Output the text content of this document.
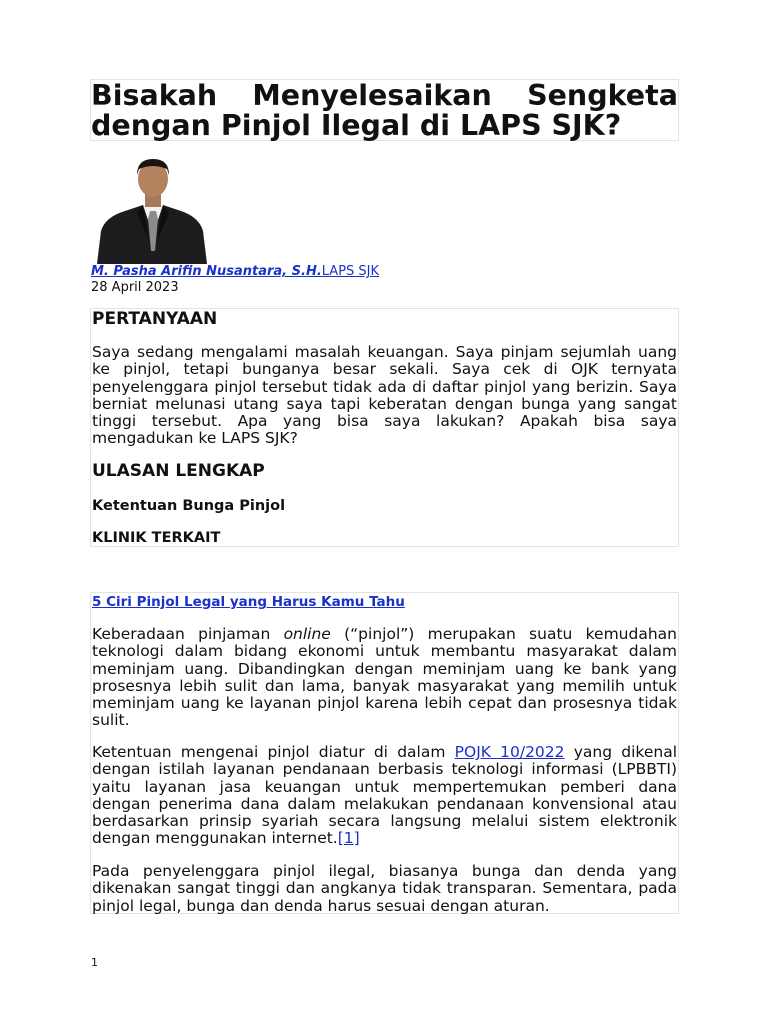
Bisakah Menyelesaikan Sengketa dengan Pinjol Ilegal di LAPS SJK?
M. Pasha Arifin Nusantara, S.H.LAPS SJK
28 April 2023
PERTANYAAN

Saya sedang mengalami masalah keuangan. Saya pinjam sejumlah uang ke pinjol, tetapi bunganya besar sekali. Saya cek di OJK ternyata penyelenggara pinjol tersebut tidak ada di daftar pinjol yang berizin. Saya berniat melunasi utang saya tapi keberatan dengan bunga yang sangat tinggi tersebut. Apa yang bisa saya lakukan? Apakah bisa saya mengadukan ke LAPS SJK?

ULASAN LENGKAP
Ketentuan Bunga Pinjol
KLINIK TERKAIT
5 Ciri Pinjol Legal yang Harus Kamu Tahu

Keberadaan pinjaman online (“pinjol”) merupakan suatu kemudahan teknologi dalam bidang ekonomi untuk membantu masyarakat dalam meminjam uang. Dibandingkan dengan meminjam uang ke bank yang prosesnya lebih sulit dan lama, banyak masyarakat yang memilih untuk meminjam uang ke layanan pinjol karena lebih cepat dan prosesnya tidak sulit.

Ketentuan mengenai pinjol diatur di dalam POJK 10/2022 yang dikenal dengan istilah layanan pendanaan berbasis teknologi informasi (LPBBTI) yaitu layanan jasa keuangan untuk mempertemukan pemberi dana dengan penerima dana dalam melakukan pendanaan konvensional atau berdasarkan prinsip syariah secara langsung melalui sistem elektronik dengan menggunakan internet.[1]

Pada penyelenggara pinjol ilegal, biasanya bunga dan denda yang dikenakan sangat tinggi dan angkanya tidak transparan. Sementara, pada pinjol legal, bunga dan denda harus sesuai dengan aturan.

1
